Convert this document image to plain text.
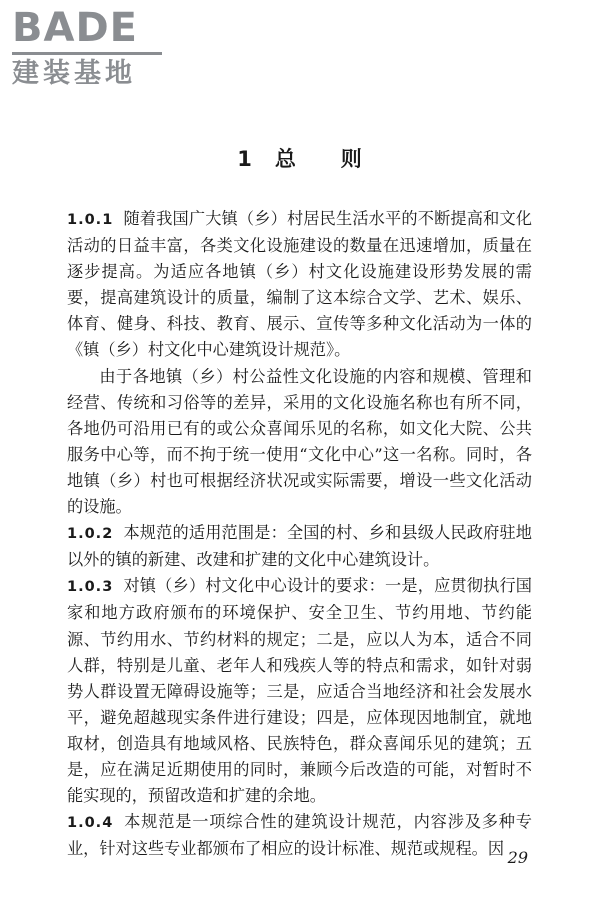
BADE
建装基地
1 总　　则

1.0.1 随着我国广大镇（乡）村居民生活水平的不断提高和文化活动的日益丰富，各类文化设施建设的数量在迅速增加，质量在逐步提高。为适应各地镇（乡）村文化设施建设形势发展的需要，提高建筑设计的质量，编制了这本综合文学、艺术、娱乐、体育、健身、科技、教育、展示、宣传等多种文化活动为一体的《镇（乡）村文化中心建筑设计规范》。

由于各地镇（乡）村公益性文化设施的内容和规模、管理和经营、传统和习俗等的差异，采用的文化设施名称也有所不同，各地仍可沿用已有的或公众喜闻乐见的名称，如文化大院、公共服务中心等，而不拘于统一使用“文化中心”这一名称。同时，各地镇（乡）村也可根据经济状况或实际需要，增设一些文化活动的设施。

1.0.2 本规范的适用范围是：全国的村、乡和县级人民政府驻地以外的镇的新建、改建和扩建的文化中心建筑设计。

1.0.3 对镇（乡）村文化中心设计的要求：一是，应贯彻执行国家和地方政府颁布的环境保护、安全卫生、节约用地、节约能源、节约用水、节约材料的规定；二是，应以人为本，适合不同人群，特别是儿童、老年人和残疾人等的特点和需求，如针对弱势人群设置无障碍设施等；三是，应适合当地经济和社会发展水平，避免超越现实条件进行建设；四是，应体现因地制宜，就地取材，创造具有地域风格、民族特色，群众喜闻乐见的建筑；五是，应在满足近期使用的同时，兼顾今后改造的可能，对暂时不能实现的，预留改造和扩建的余地。

1.0.4 本规范是一项综合性的建筑设计规范，内容涉及多种专业，针对这些专业都颁布了相应的设计标准、规范或规程。因 29
